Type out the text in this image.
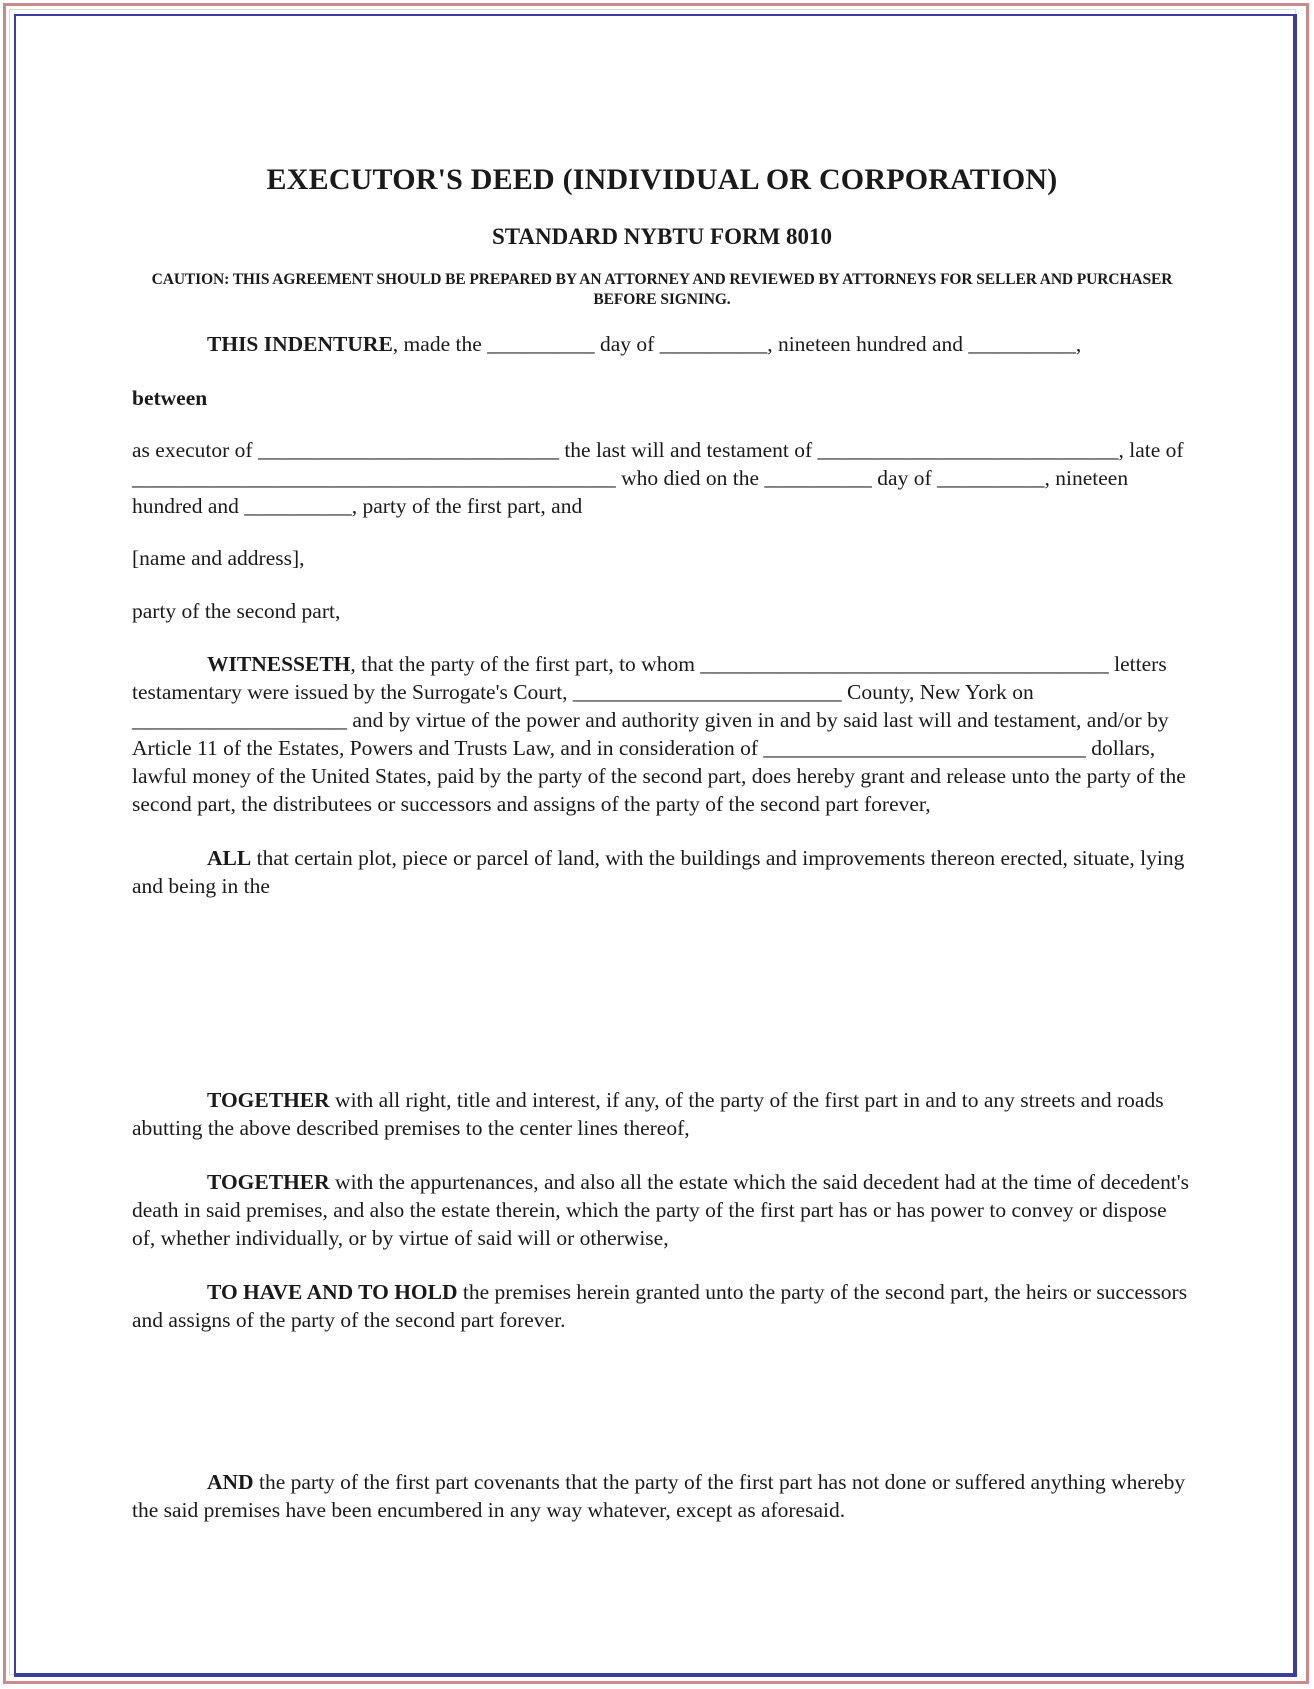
EXECUTOR'S DEED (INDIVIDUAL OR CORPORATION)
STANDARD NYBTU FORM 8010

CAUTION: THIS AGREEMENT SHOULD BE PREPARED BY AN ATTORNEY AND REVIEWED BY ATTORNEYS FOR SELLER AND PURCHASER BEFORE SIGNING.

THIS INDENTURE, made the __________ day of __________, nineteen hundred and __________,

between

as executor of ____________________________ the last will and testament of ____________________________, late of _____________________________________________ who died on the __________ day of __________, nineteen hundred and __________, party of the first part, and

[name and address],

party of the second part,

WITNESSETH, that the party of the first part, to whom ______________________________________ letters testamentary were issued by the Surrogate's Court, _________________________ County, New York on ____________________ and by virtue of the power and authority given in and by said last will and testament, and/or by Article 11 of the Estates, Powers and Trusts Law, and in consideration of ______________________________ dollars, lawful money of the United States, paid by the party of the second part, does hereby grant and release unto the party of the second part, the distributees or successors and assigns of the party of the second part forever,

ALL that certain plot, piece or parcel of land, with the buildings and improvements thereon erected, situate, lying and being in the

TOGETHER with all right, title and interest, if any, of the party of the first part in and to any streets and roads abutting the above described premises to the center lines thereof,

TOGETHER with the appurtenances, and also all the estate which the said decedent had at the time of decedent's death in said premises, and also the estate therein, which the party of the first part has or has power to convey or dispose of, whether individually, or by virtue of said will or otherwise,

TO HAVE AND TO HOLD the premises herein granted unto the party of the second part, the heirs or successors and assigns of the party of the second part forever.

AND the party of the first part covenants that the party of the first part has not done or suffered anything whereby the said premises have been encumbered in any way whatever, except as aforesaid.
